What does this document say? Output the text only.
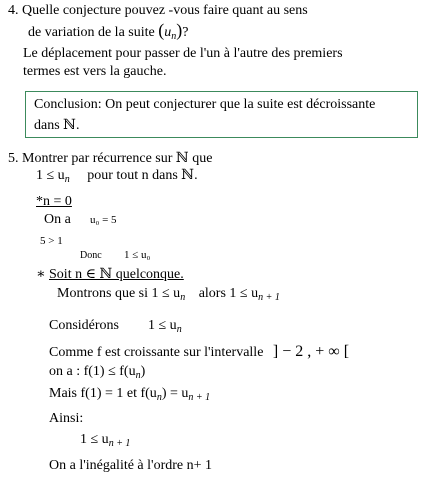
4. Quelle conjecture pouvez -vous faire quant au sens
de variation de la suite $(u_n)$?
Le déplacement pour passer de l'un à l'autre des premiers
termes est vers la gauche.
Conclusion: On peut conjecturer que la suite est décroissante
dans ℕ.
5. Montrer par récurrence sur ℕ que
$1 \le u_n$ pour tout n dans ℕ.
*n = 0
On a u₀ = 5
5 > 1
Donc 1 ≤ u₀
∗ Soit n ∈ ℕ quelconque.
Montrons que si $1 \le u_n$ alors $1 \le u_{n + 1}$
Considérons $1 \le u_n$
Comme f est croissante sur l'intervalle ] − 2 , + ∞ [
on a : $f(1) \le f(u_n)$
Mais f(1) = 1 et $f(u_n) = u_{n + 1}$
Ainsi:
$1 \le u_{n + 1}$
On a l'inégalité à l'ordre n+ 1
